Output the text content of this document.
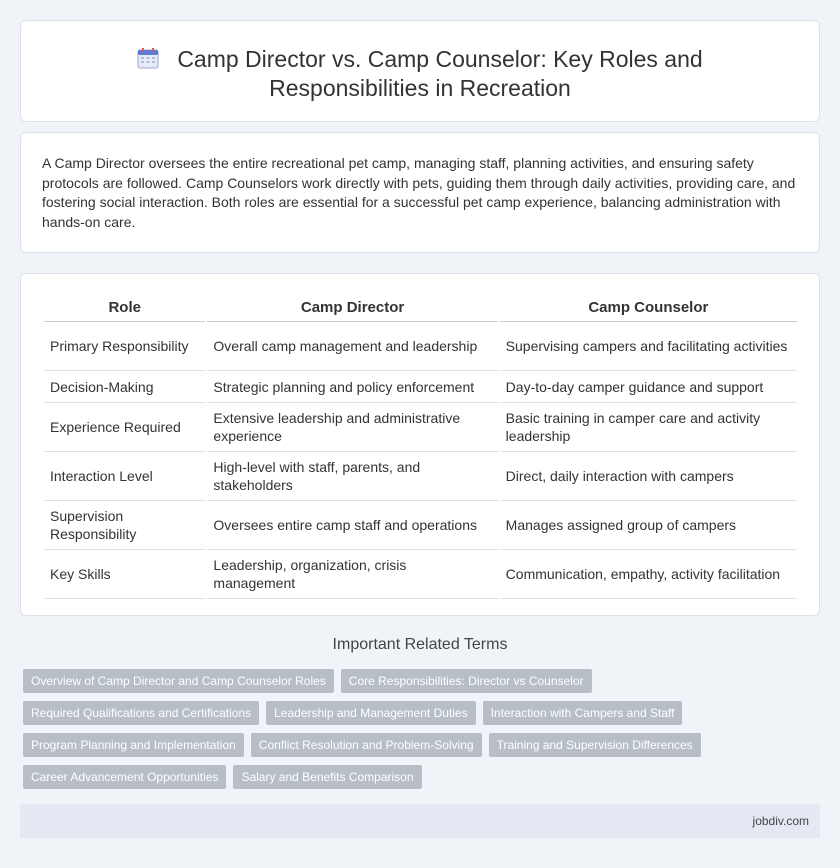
Camp Director vs. Camp Counselor: Key Roles and
Responsibilities in Recreation

A Camp Director oversees the entire recreational pet camp, managing staff, planning activities, and ensuring safety protocols are followed. Camp Counselors work directly with pets, guiding them through daily activities, providing care, and fostering social interaction. Both roles are essential for a successful pet camp experience, balancing administration with hands-on care.

Role	Camp Director	Camp Counselor
Primary Responsibility	Overall camp management and leadership	Supervising campers and facilitating activities
Decision-Making	Strategic planning and policy enforcement	Day-to-day camper guidance and support
Experience Required	Extensive leadership and administrative experience	Basic training in camper care and activity leadership
Interaction Level	High-level with staff, parents, and stakeholders	Direct, daily interaction with campers
Supervision Responsibility	Oversees entire camp staff and operations	Manages assigned group of campers
Key Skills	Leadership, organization, crisis management	Communication, empathy, activity facilitation
Important Related Terms
Overview of Camp Director and Camp Counselor Roles Core Responsibilities: Director vs Counselor
Required Qualifications and Certifications Leadership and Management Duties Interaction with Campers and Staff
Program Planning and Implementation Conflict Resolution and Problem-Solving Training and Supervision Differences
Career Advancement Opportunities Salary and Benefits Comparison
jobdiv.com
